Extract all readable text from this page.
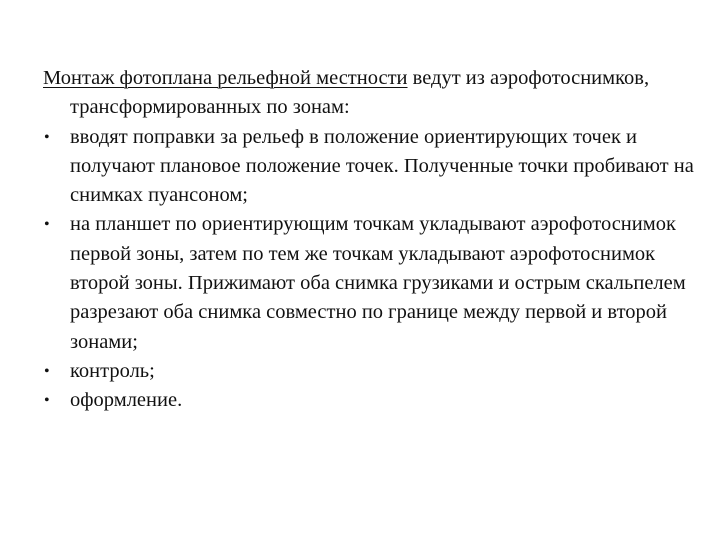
Монтаж фотоплана рельефной местности ведут из аэрофотоснимков, трансформированных по зонам:

• вводят поправки за рельеф в положение ориентирующих точек и получают плановое положение точек. Полученные точки пробивают на снимках пуансоном;
• на планшет по ориентирующим точкам укладывают аэрофотоснимок первой зоны, затем по тем же точкам укладывают аэрофотоснимок второй зоны. Прижимают оба снимка грузиками и острым скальпелем разрезают оба снимка совместно по границе между первой и второй зонами;
• контроль;
• оформление.
